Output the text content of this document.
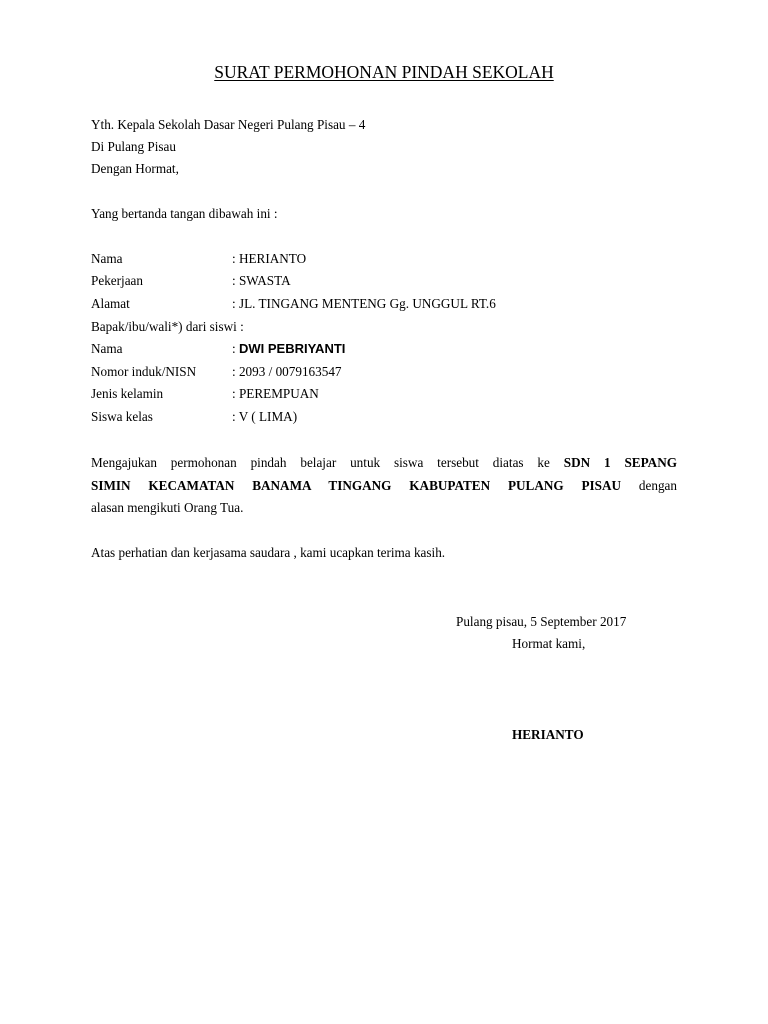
SURAT PERMOHONAN PINDAH SEKOLAH
Yth. Kepala Sekolah Dasar Negeri Pulang Pisau – 4
Di Pulang Pisau
Dengan Hormat,
Yang bertanda tangan dibawah ini :
Nama	: HERIANTO
Pekerjaan	: SWASTA
Alamat	: JL. TINGANG MENTENG Gg. UNGGUL RT.6
Bapak/ibu/wali*) dari siswi :
Nama	: DWI PEBRIYANTI
Nomor induk/NISN	: 2093 / 0079163547
Jenis kelamin	: PEREMPUAN
Siswa kelas	: V ( LIMA)
Mengajukan permohonan pindah belajar untuk siswa tersebut diatas ke SDN 1 SEPANG
SIMIN KECAMATAN BANAMA TINGANG KABUPATEN PULANG PISAU dengan
alasan mengikuti Orang Tua.
Atas perhatian dan kerjasama saudara , kami ucapkan terima kasih.
Pulang pisau, 5 September 2017
Hormat kami,
HERIANTO
